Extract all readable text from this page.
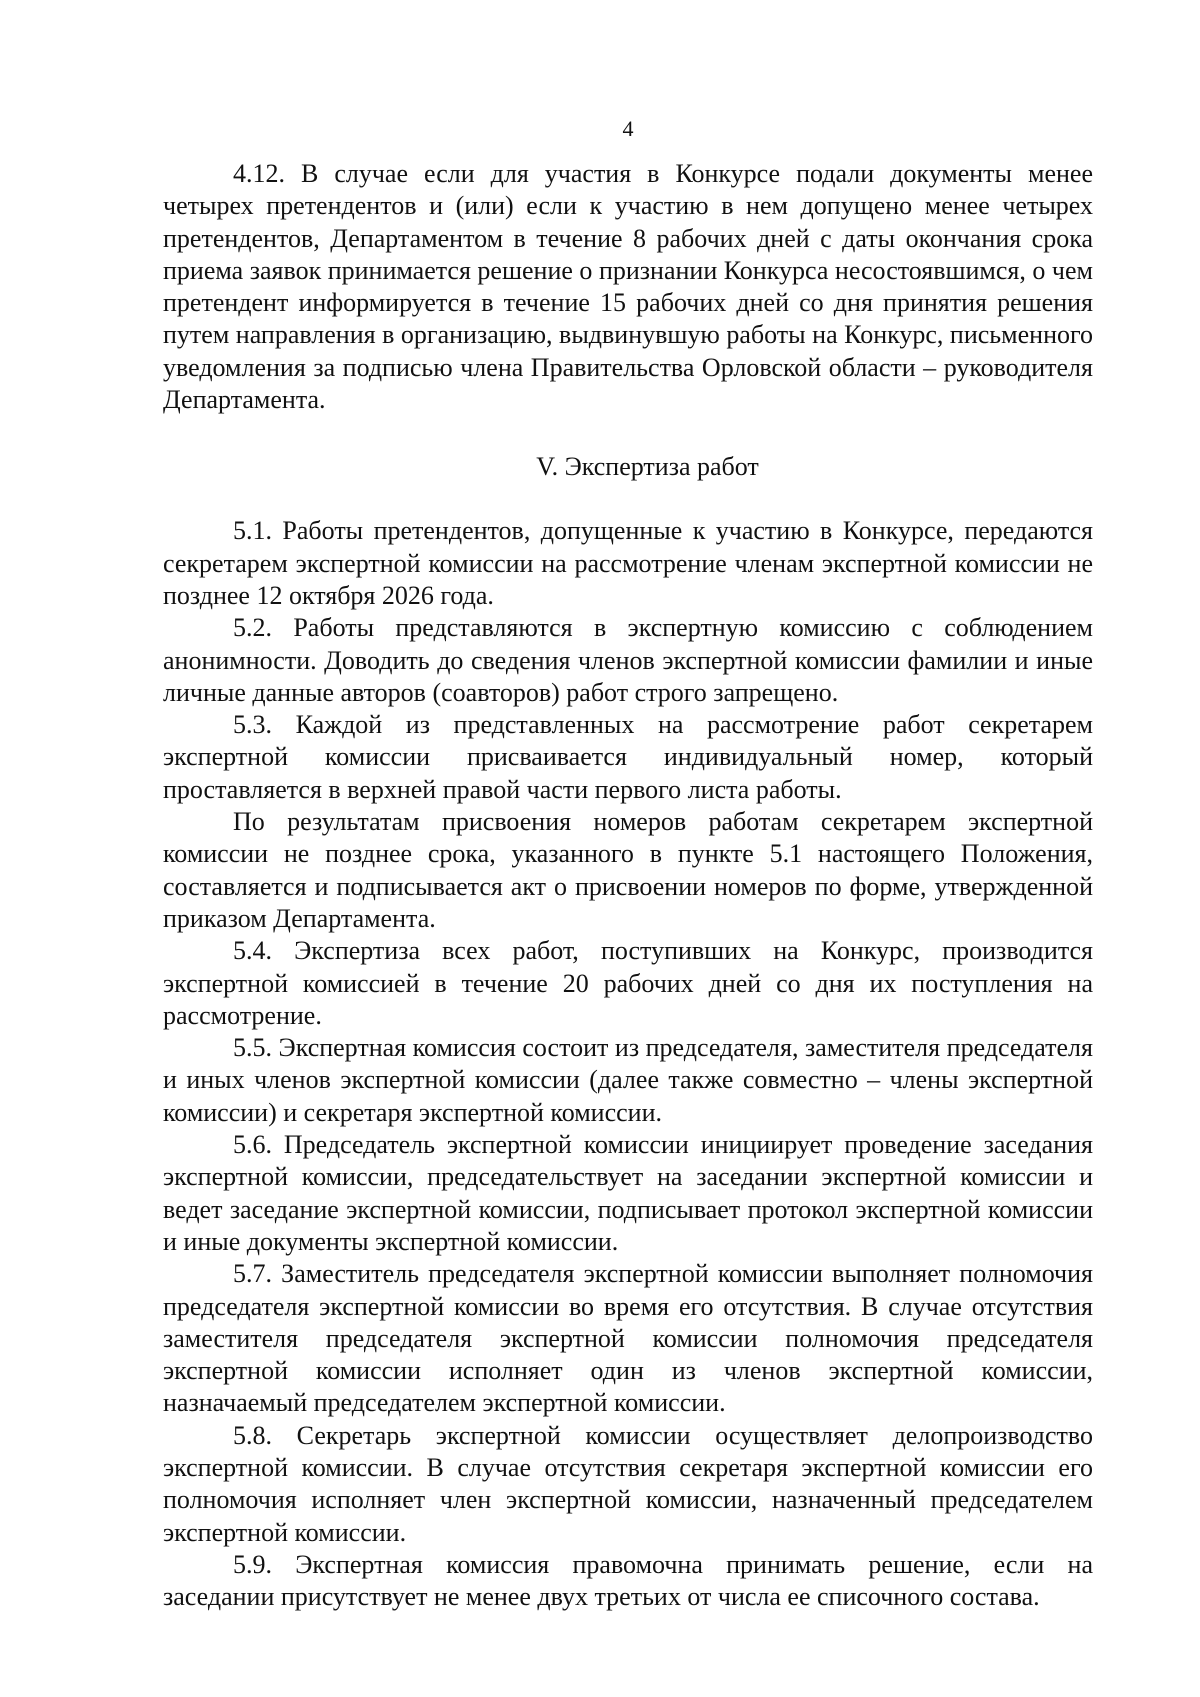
4

4.12. В случае если для участия в Конкурсе подали документы менее четырех претендентов и (или) если к участию в нем допущено менее четырех претендентов, Департаментом в течение 8 рабочих дней с даты окончания срока приема заявок принимается решение о признании Конкурса несостоявшимся, о чем претендент информируется в течение 15 рабочих дней со дня принятия решения путем направления в организацию, выдвинувшую работы на Конкурс, письменного уведомления за подписью члена Правительства Орловской области – руководителя Департамента.

V. Экспертиза работ

5.1. Работы претендентов, допущенные к участию в Конкурсе, передаются секретарем экспертной комиссии на рассмотрение членам экспертной комиссии не позднее 12 октября 2026 года.

5.2. Работы представляются в экспертную комиссию с соблюдением анонимности. Доводить до сведения членов экспертной комиссии фамилии и иные личные данные авторов (соавторов) работ строго запрещено.

5.3. Каждой из представленных на рассмотрение работ секретарем экспертной комиссии присваивается индивидуальный номер, который проставляется в верхней правой части первого листа работы.

По результатам присвоения номеров работам секретарем экспертной комиссии не позднее срока, указанного в пункте 5.1 настоящего Положения, составляется и подписывается акт о присвоении номеров по форме, утвержденной приказом Департамента.

5.4. Экспертиза всех работ, поступивших на Конкурс, производится экспертной комиссией в течение 20 рабочих дней со дня их поступления на рассмотрение.

5.5. Экспертная комиссия состоит из председателя, заместителя председателя и иных членов экспертной комиссии (далее также совместно – члены экспертной комиссии) и секретаря экспертной комиссии.

5.6. Председатель экспертной комиссии инициирует проведение заседания экспертной комиссии, председательствует на заседании экспертной комиссии и ведет заседание экспертной комиссии, подписывает протокол экспертной комиссии и иные документы экспертной комиссии.

5.7. Заместитель председателя экспертной комиссии выполняет полномочия председателя экспертной комиссии во время его отсутствия. В случае отсутствия заместителя председателя экспертной комиссии полномочия председателя экспертной комиссии исполняет один из членов экспертной комиссии, назначаемый председателем экспертной комиссии.

5.8. Секретарь экспертной комиссии осуществляет делопроизводство экспертной комиссии. В случае отсутствия секретаря экспертной комиссии его полномочия исполняет член экспертной комиссии, назначенный председателем экспертной комиссии.

5.9. Экспертная комиссия правомочна принимать решение, если на заседании присутствует не менее двух третьих от числа ее списочного состава.
